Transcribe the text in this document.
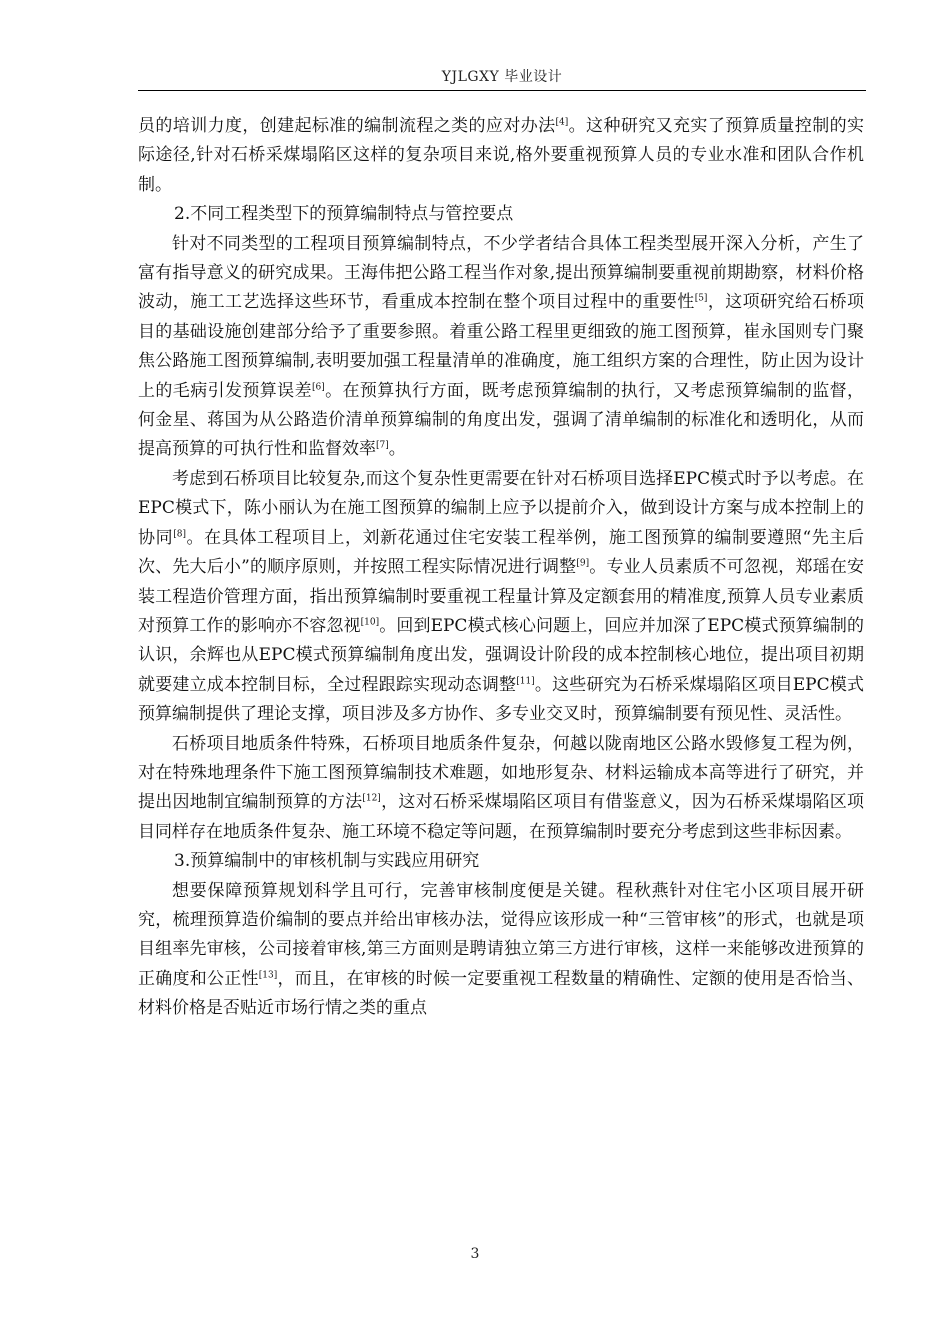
YJLGXY 毕业设计

员的培训力度，创建起标准的编制流程之类的应对办法[4]。这种研究又充实了预算质量控制的实际途径,针对石桥采煤塌陷区这样的复杂项目来说,格外要重视预算人员的专业水准和团队合作机制。

2.不同工程类型下的预算编制特点与管控要点

针对不同类型的工程项目预算编制特点，不少学者结合具体工程类型展开深入分析，产生了富有指导意义的研究成果。王海伟把公路工程当作对象,提出预算编制要重视前期勘察，材料价格波动，施工工艺选择这些环节，看重成本控制在整个项目过程中的重要性[5]，这项研究给石桥项目的基础设施创建部分给予了重要参照。着重公路工程里更细致的施工图预算，崔永国则专门聚焦公路施工图预算编制,表明要加强工程量清单的准确度，施工组织方案的合理性，防止因为设计上的毛病引发预算误差[6]。在预算执行方面，既考虑预算编制的执行，又考虑预算编制的监督，何金星、蒋国为从公路造价清单预算编制的角度出发，强调了清单编制的标准化和透明化，从而提高预算的可执行性和监督效率[7]。

考虑到石桥项目比较复杂,而这个复杂性更需要在针对石桥项目选择EPC模式时予以考虑。在EPC模式下，陈小丽认为在施工图预算的编制上应予以提前介入，做到设计方案与成本控制上的协同[8]。在具体工程项目上，刘新花通过住宅安装工程举例，施工图预算的编制要遵照“先主后次、先大后小”的顺序原则，并按照工程实际情况进行调整[9]。专业人员素质不可忽视，郑瑶在安装工程造价管理方面，指出预算编制时要重视工程量计算及定额套用的精准度,预算人员专业素质对预算工作的影响亦不容忽视[10]。回到EPC模式核心问题上，回应并加深了EPC模式预算编制的认识，余辉也从EPC模式预算编制角度出发，强调设计阶段的成本控制核心地位，提出项目初期就要建立成本控制目标，全过程跟踪实现动态调整[11]。这些研究为石桥采煤塌陷区项目EPC模式预算编制提供了理论支撑，项目涉及多方协作、多专业交叉时，预算编制要有预见性、灵活性。

石桥项目地质条件特殊，石桥项目地质条件复杂，何越以陇南地区公路水毁修复工程为例，对在特殊地理条件下施工图预算编制技术难题，如地形复杂、材料运输成本高等进行了研究，并提出因地制宜编制预算的方法[12]，这对石桥采煤塌陷区项目有借鉴意义，因为石桥采煤塌陷区项目同样存在地质条件复杂、施工环境不稳定等问题，在预算编制时要充分考虑到这些非标因素。

3.预算编制中的审核机制与实践应用研究

想要保障预算规划科学且可行，完善审核制度便是关键。程秋燕针对住宅小区项目展开研究，梳理预算造价编制的要点并给出审核办法，觉得应该形成一种“三管审核”的形式，也就是项目组率先审核，公司接着审核,第三方面则是聘请独立第三方进行审核，这样一来能够改进预算的正确度和公正性[13]，而且，在审核的时候一定要重视工程数量的精确性、定额的使用是否恰当、材料价格是否贴近市场行情之类的重点

3
